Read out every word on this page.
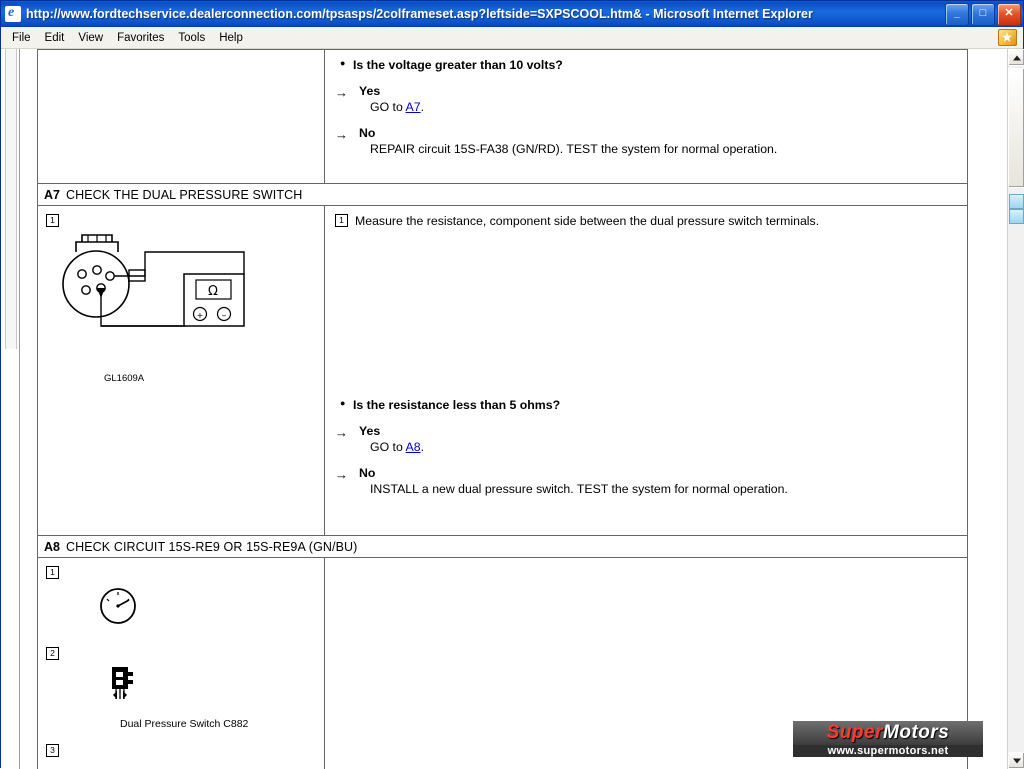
e
http://www.fordtechservice.dealerconnection.com/tpsasps/2colframeset.asp?leftside=SXPSCOOL.htm& - Microsoft Internet Explorer	_	□	✕
File	Edit	View	Favorites	Tools	Help
● Is the voltage greater than 10 volts?
→ Yes
GO to A7.
→ No
REPAIR circuit 15S-FA38 (GN/RD). TEST the system for normal operation.
A7 CHECK THE DUAL PRESSURE SWITCH
1
Ω
+ –
GL1609A
1 Measure the resistance, component side between the dual pressure switch terminals.
● Is the resistance less than 5 ohms?
→ Yes
GO to A8.
→ No
INSTALL a new dual pressure switch. TEST the system for normal operation.
A8 CHECK CIRCUIT 15S-RE9 OR 15S-RE9A (GN/BU)
1
2
Dual Pressure Switch C882
3
SuperMotors
www.supermotors.net
